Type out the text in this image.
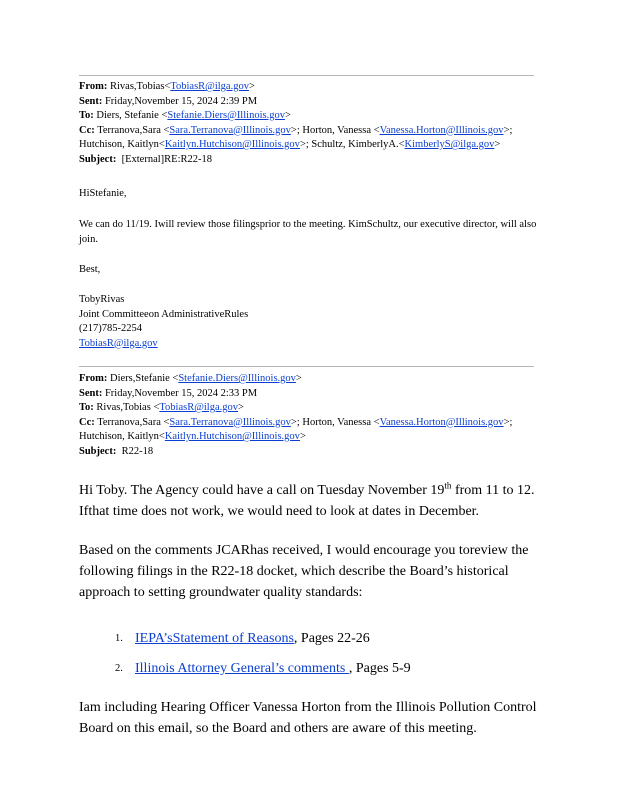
From: Rivas,Tobias<TobiasR@ilga.gov>
Sent: Friday,November 15, 2024 2:39 PM
To: Diers, Stefanie <Stefanie.Diers@Illinois.gov>
Cc: Terranova,Sara <Sara.Terranova@Illinois.gov>; Horton, Vanessa <Vanessa.Horton@Illinois.gov>;
Hutchison, Kaitlyn<Kaitlyn.Hutchison@Illinois.gov>; Schultz, KimberlyA.<KimberlyS@ilga.gov>
Subject: [External]RE:R22-18
HiStefanie,
We can do 11/19. Iwill review those filingsprior to the meeting. KimSchultz, our executive director, will also join.
Best,
TobyRivas
Joint Committeeon AdministrativeRules
(217)785-2254
TobiasR@ilga.gov
From: Diers,Stefanie <Stefanie.Diers@Illinois.gov>
Sent: Friday,November 15, 2024 2:33 PM
To: Rivas,Tobias <TobiasR@ilga.gov>
Cc: Terranova,Sara <Sara.Terranova@Illinois.gov>; Horton, Vanessa <Vanessa.Horton@Illinois.gov>;
Hutchison, Kaitlyn<Kaitlyn.Hutchison@Illinois.gov>
Subject: R22-18

Hi Toby. The Agency could have a call on Tuesday November 19th from 11 to 12. Ifthat time does not work, we would need to look at dates in December.

Based on the comments JCARhas received, I would encourage you toreview the following filings in the R22-18 docket, which describe the Board’s historical approach to setting groundwater quality standards:

1. IEPA’sStatement of Reasons, Pages 22-26
2. Illinois Attorney General’s comments , Pages 5-9

Iam including Hearing Officer Vanessa Horton from the Illinois Pollution Control Board on this email, so the Board and others are aware of this meeting.
